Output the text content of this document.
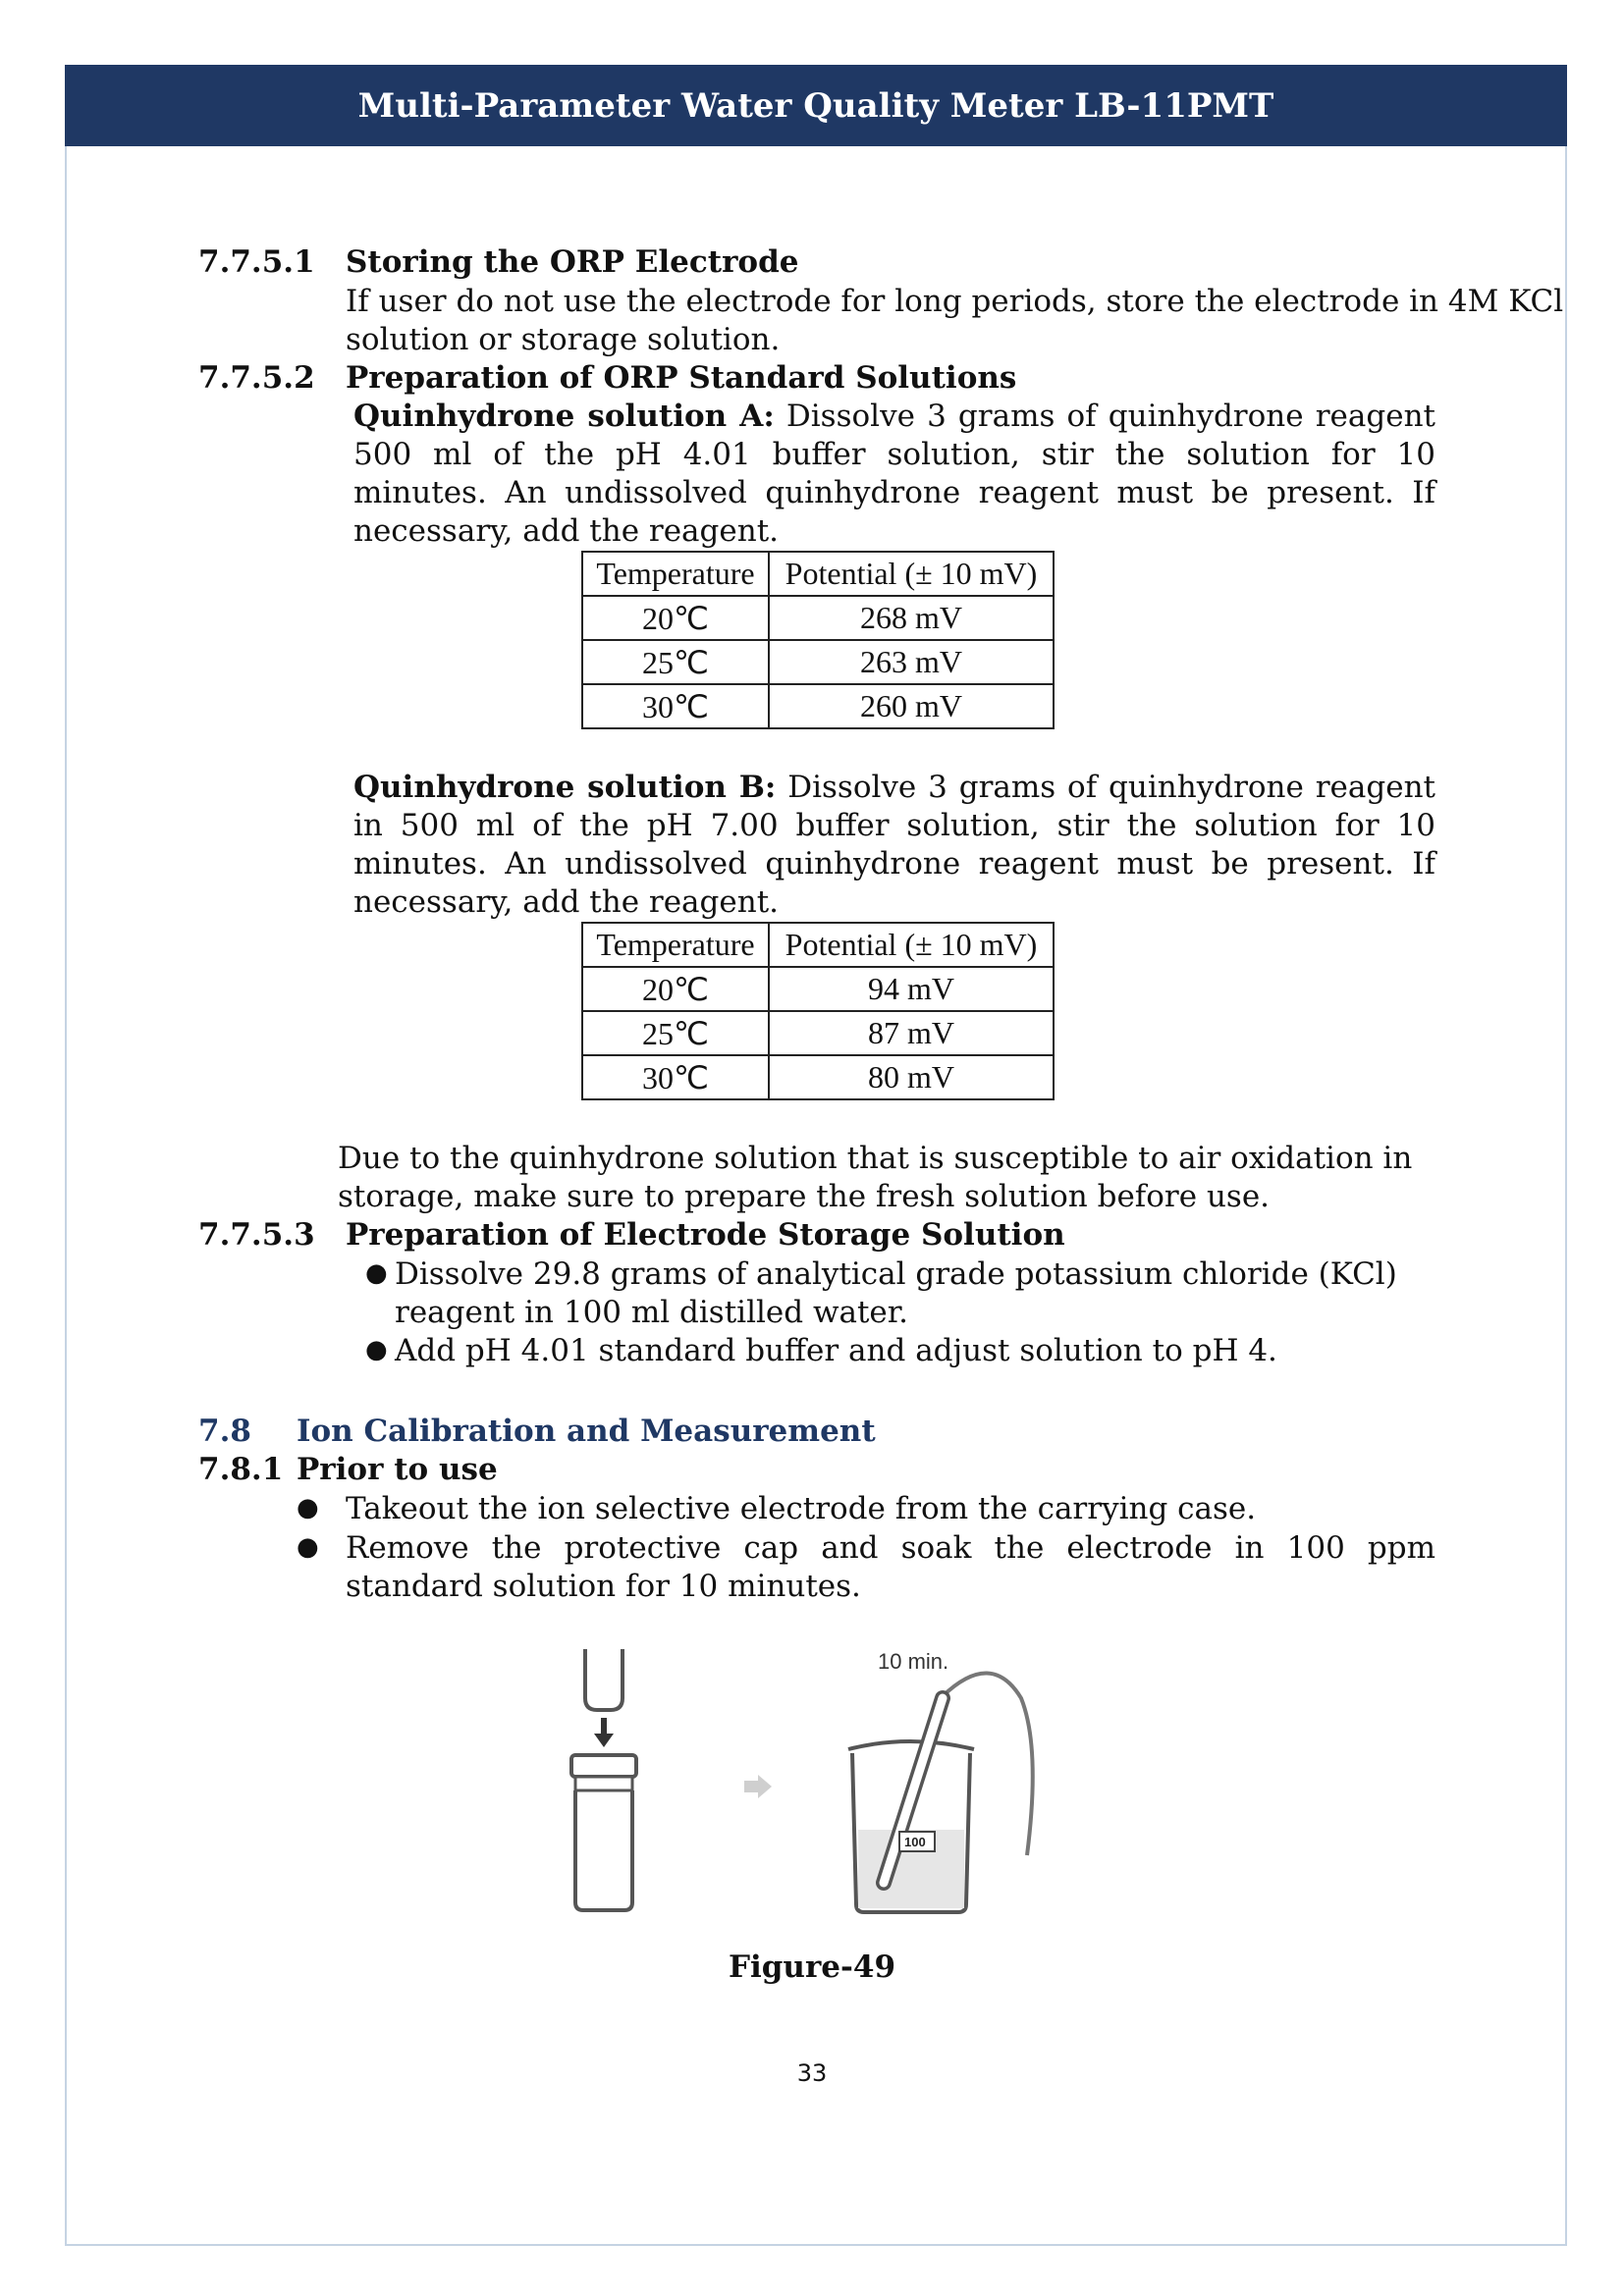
Multi-Parameter Water Quality Meter LB-11PMT
7.7.5.1 Storing the ORP Electrode
If user do not use the electrode for long periods, store the electrode in 4M KCl
solution or storage solution.
7.7.5.2 Preparation of ORP Standard Solutions
Quinhydrone solution A: Dissolve 3 grams of quinhydrone reagent 500 ml of the pH 4.01 buffer solution, stir the solution for 10 minutes. An undissolved quinhydrone reagent must be present. If necessary, add the reagent.
Temperature	Potential (± 10 mV)
20℃	268 mV
25℃	263 mV
30℃	260 mV
Quinhydrone solution B: Dissolve 3 grams of quinhydrone reagent in 500 ml of the pH 7.00 buffer solution, stir the solution for 10 minutes. An undissolved quinhydrone reagent must be present. If necessary, add the reagent.
Temperature	Potential (± 10 mV)
20℃	94 mV
25℃	87 mV
30℃	80 mV
Due to the quinhydrone solution that is susceptible to air oxidation in storage, make sure to prepare the fresh solution before use.
7.7.5.3 Preparation of Electrode Storage Solution
● Dissolve 29.8 grams of analytical grade potassium chloride (KCl) reagent in 100 ml distilled water.
● Add pH 4.01 standard buffer and adjust solution to pH 4.
7.8 Ion Calibration and Measurement
7.8.1 Prior to use
● Takeout the ion selective electrode from the carrying case.
● Remove the protective cap and soak the electrode in 100 ppm standard solution for 10 minutes.
10 min.
100
Figure-49
33
